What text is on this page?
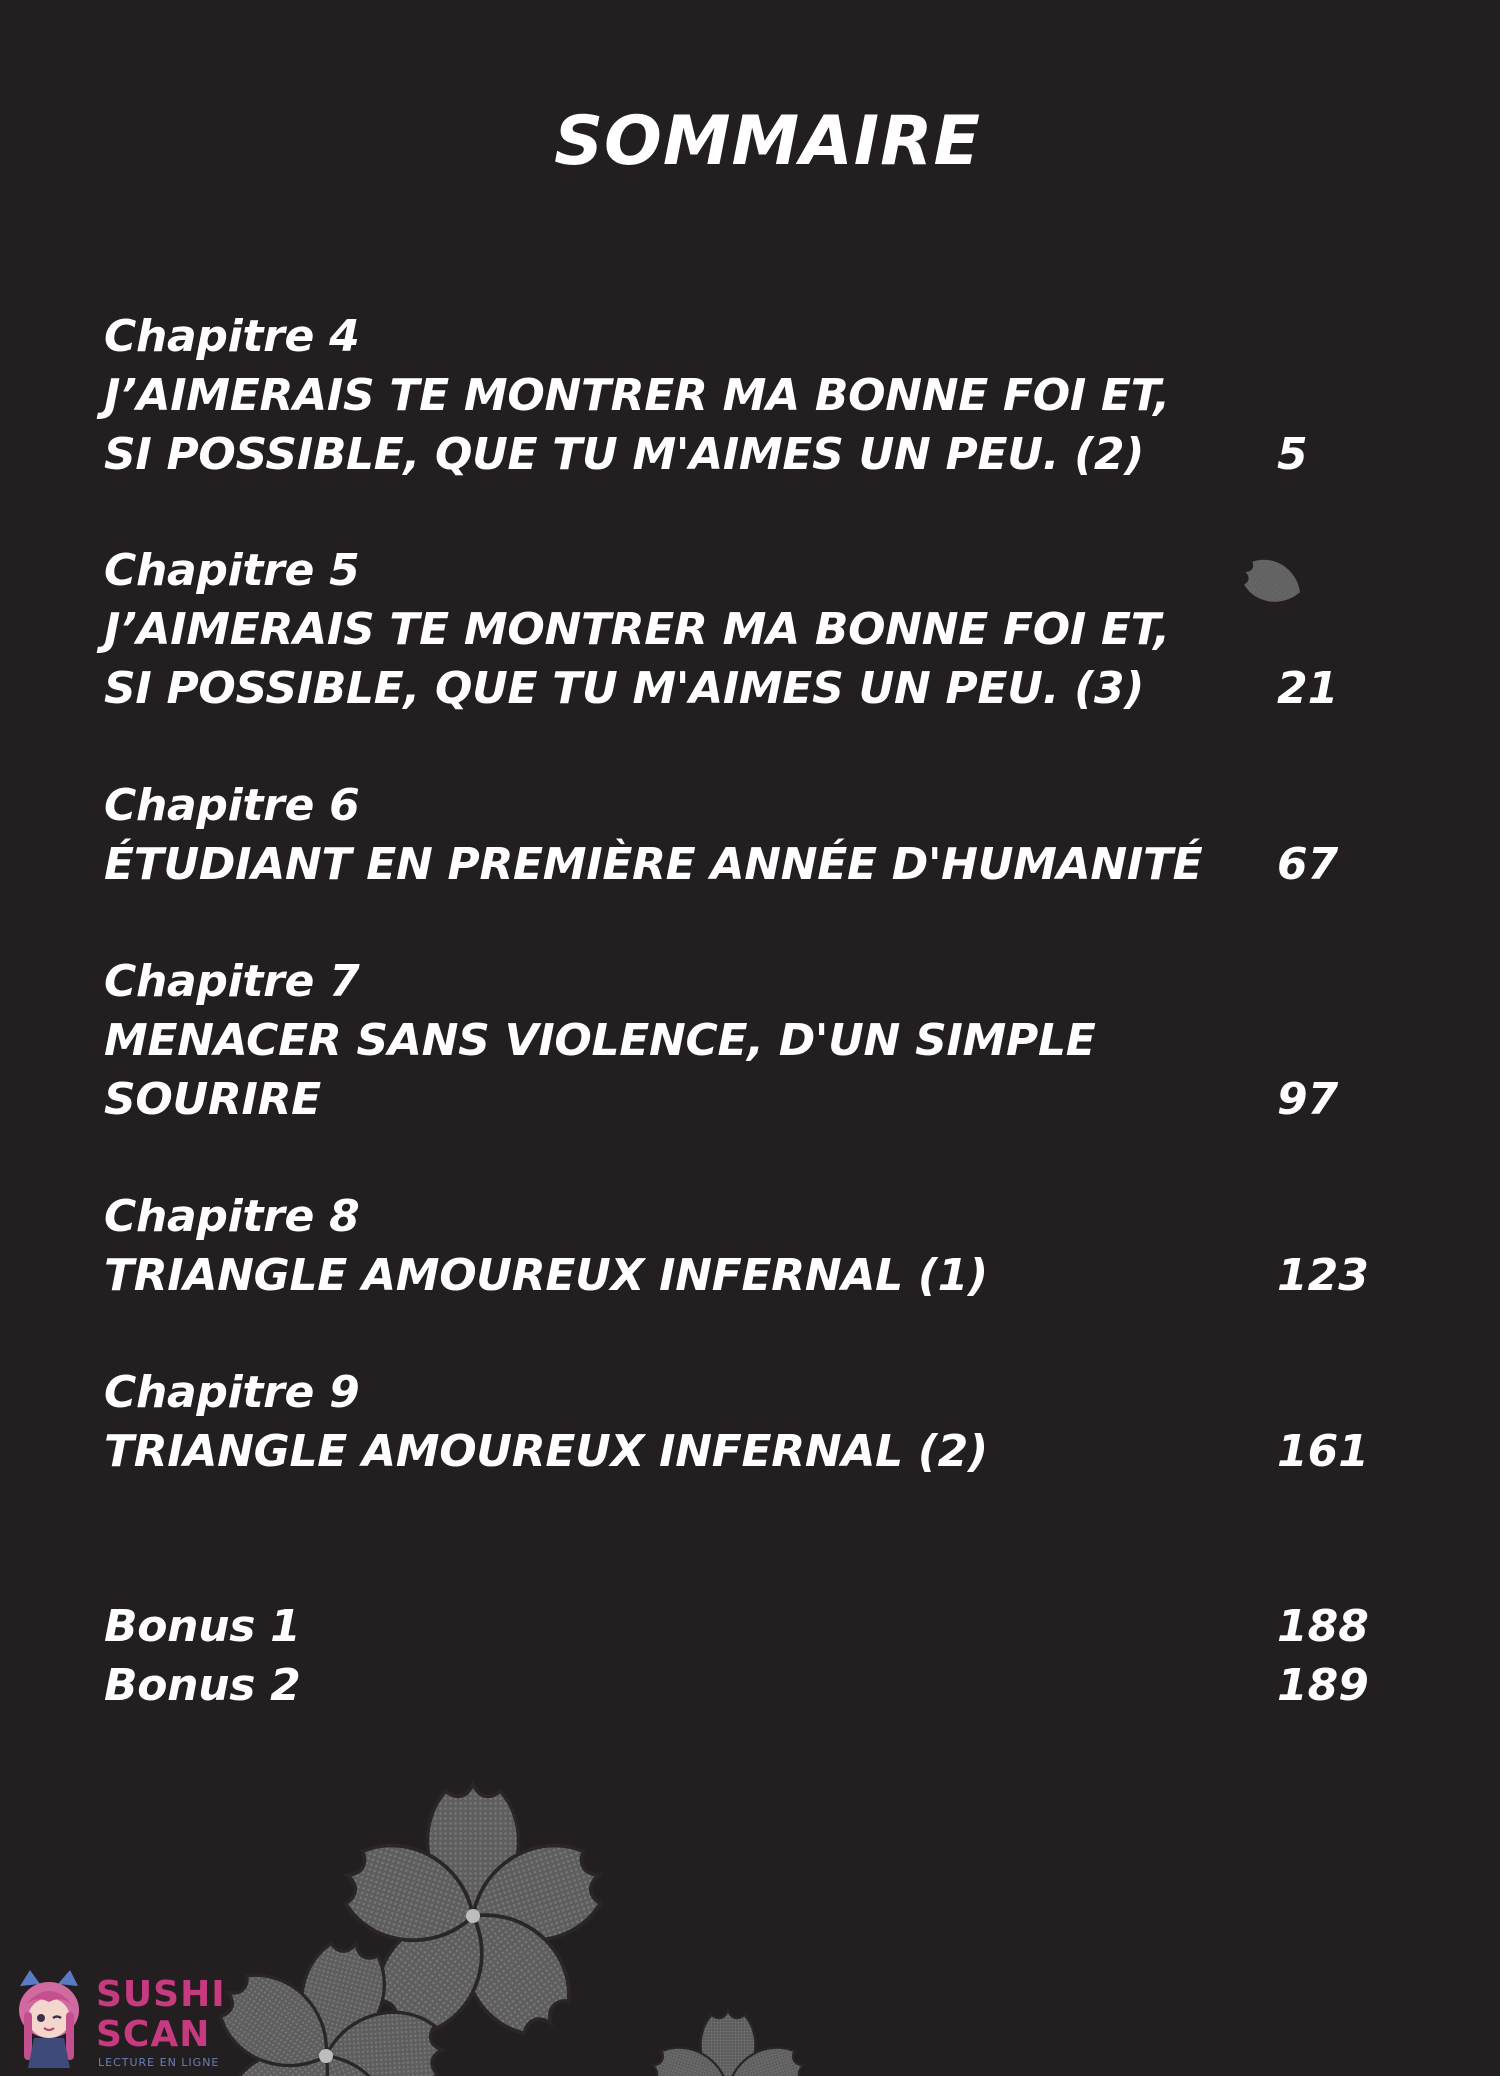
SOMMAIRE
Chapitre 4
J’AIMERAIS TE MONTRER MA BONNE FOI ET,
SI POSSIBLE, QUE TU M'AIMES UN PEU. (2)	5
Chapitre 5
J’AIMERAIS TE MONTRER MA BONNE FOI ET,
SI POSSIBLE, QUE TU M'AIMES UN PEU. (3)	21
Chapitre 6
ÉTUDIANT EN PREMIÈRE ANNÉE D'HUMANITÉ	67
Chapitre 7
MENACER SANS VIOLENCE, D'UN SIMPLE
SOURIRE	97
Chapitre 8
TRIANGLE AMOUREUX INFERNAL (1)	123
Chapitre 9
TRIANGLE AMOUREUX INFERNAL (2)	161
Bonus 1	188
Bonus 2	189
SUSHI
SCAN
LECTURE EN LIGNE
